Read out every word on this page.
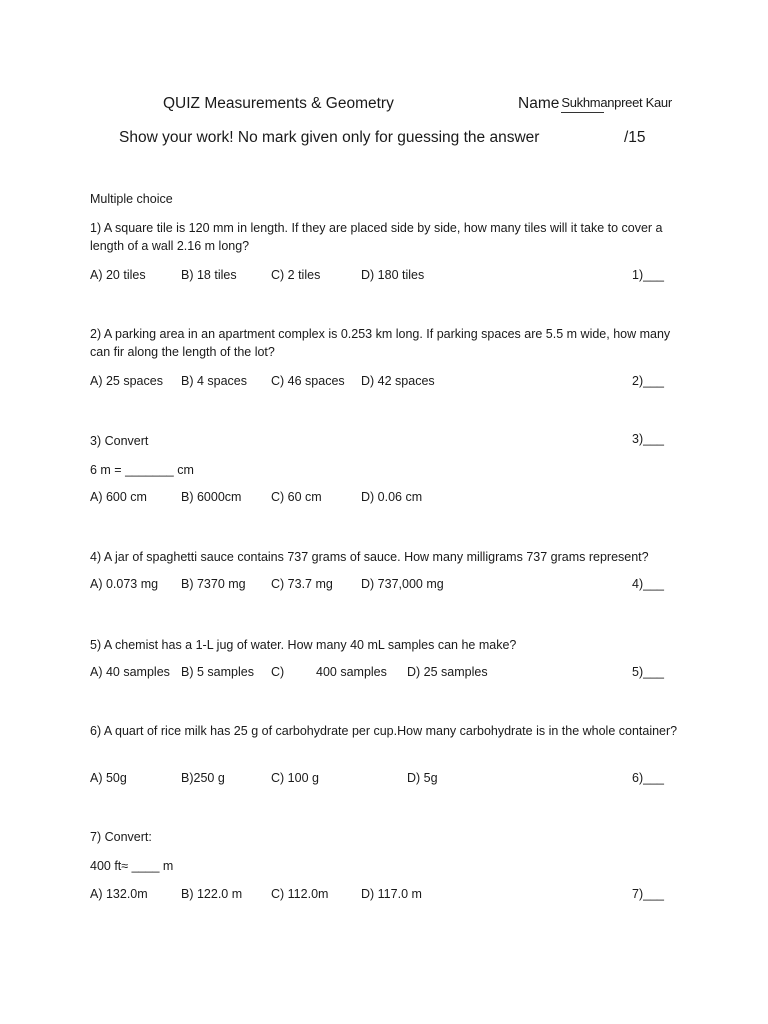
QUIZ Measurements & Geometry	Name Sukhmanpreet Kaur
Show your work! No mark given only for guessing the answer	/15
Multiple choice
1) A square tile is 120 mm in length. If they are placed side by side, how many tiles will it take to cover a length of a wall 2.16 m long?
A) 20 tiles	B) 18 tiles	C) 2 tiles	D) 180 tiles	1)___
2) A parking area in an apartment complex is 0.253 km long. If parking spaces are 5.5 m wide, how many can fir along the length of the lot?
A) 25 spaces B) 4 spaces C) 46 spaces D) 42 spaces	2)___
3) Convert	3)___
6 m = _______ cm
A) 600 cm	B) 6000cm C) 60 cm	D) 0.06 cm
4) A jar of spaghetti sauce contains 737 grams of sauce. How many milligrams 737 grams represent?
A) 0.073 mg B) 7370 mg C) 73.7 mg D) 737,000 mg	4)___
5) A chemist has a 1-L jug of water. How many 40 mL samples can he make?
A) 40 samples B) 5 samples C)	400 samples D) 25 samples	5)___
6) A quart of rice milk has 25 g of carbohydrate per cup.How many carbohydrate is in the whole container?
A) 50g	B)250 g	C) 100 g	D) 5g	6)___
7) Convert:
400 ft≈ ____ m
A) 132.0m	B) 122.0 m C) 112.0m	D) 117.0 m	7)___
